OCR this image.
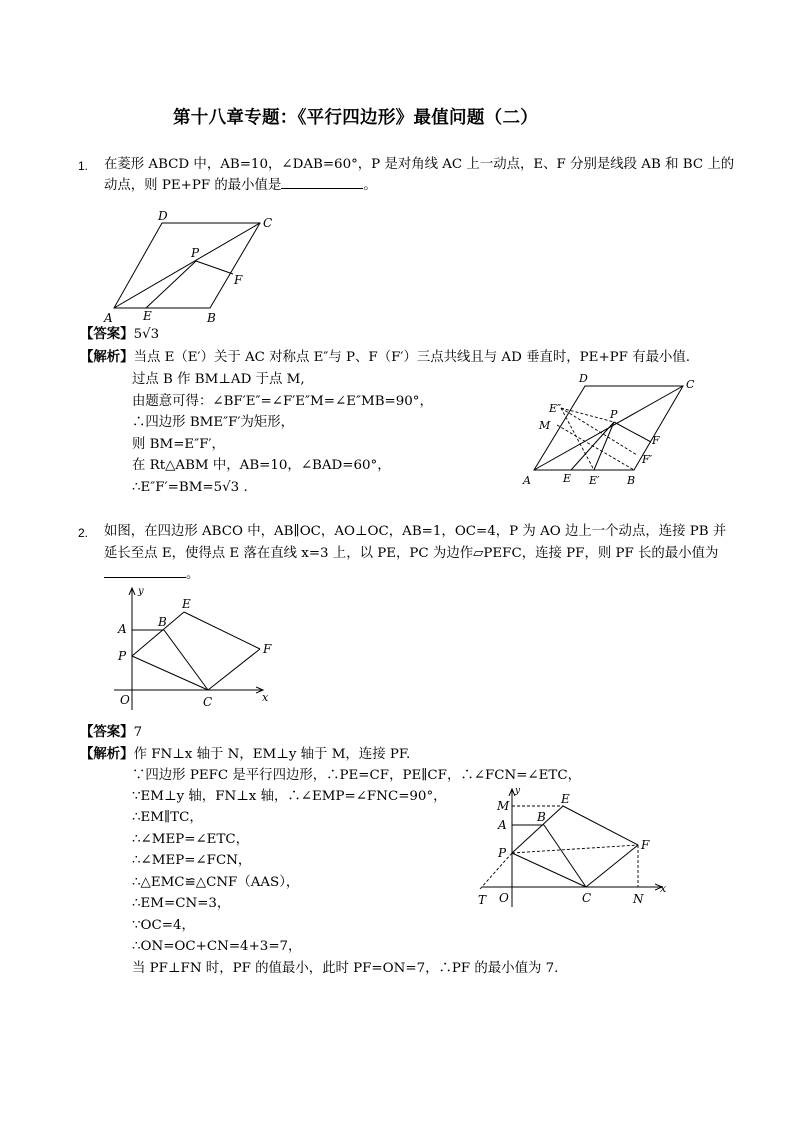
第十八章专题：《平行四边形》最值问题（二）
1. 在菱形 ABCD 中，AB=10，∠DAB=60°，P 是对角线 AC 上一动点，E、F 分别是线段 AB 和 BC 上的
动点，则 PE+PF 的最小值是	。
D	C
P
F
A	E	B
【答案】5√3
【解析】当点 E（E′）关于 AC 对称点 E″与 P、F（F′）三点共线且与 AD 垂直时，PE+PF 有最小值.
过点 B 作 BM⊥AD 于点 M,
由题意可得：∠BF′E″=∠F′E″M=∠E″MB=90°，
∴四边形 BME″F′为矩形，
则 BM=E″F′，
在 Rt△ABM 中，AB=10，∠BAD=60°，
∴E″F′=BM=5√3 .
D	C
E″
M
P
F
F′
A	E E′ B
2. 如图，在四边形 ABCO 中，AB∥OC，AO⊥OC，AB=1，OC=4，P 为 AO 边上一个动点，连接 PB 并
延长至点 E，使得点 E 落在直线 x=3 上，以 PE，PC 为边作▱PEFC，连接 PF，则 PF 长的最小值为
。
y
E
A	B
P	F
O	C	x
【答案】7
【解析】作 FN⊥x 轴于 N，EM⊥y 轴于 M，连接 PF.
∵四边形 PEFC 是平行四边形，∴PE=CF，PE∥CF，∴∠FCN=∠ETC，
∵EM⊥y 轴，FN⊥x 轴，∴∠EMP=∠FNC=90°，
∴EM∥TC，
∴∠MEP=∠ETC，
∴∠MEP=∠FCN，
∴△EMC≌△CNF（AAS），
∴EM=CN=3，
∵OC=4，
∴ON=OC+CN=4+3=7，
当 PF⊥FN 时，PF 的值最小，此时 PF=ON=7，∴PF 的最小值为 7.
y
M	E
A
B
P
F
T O	C	N
x
